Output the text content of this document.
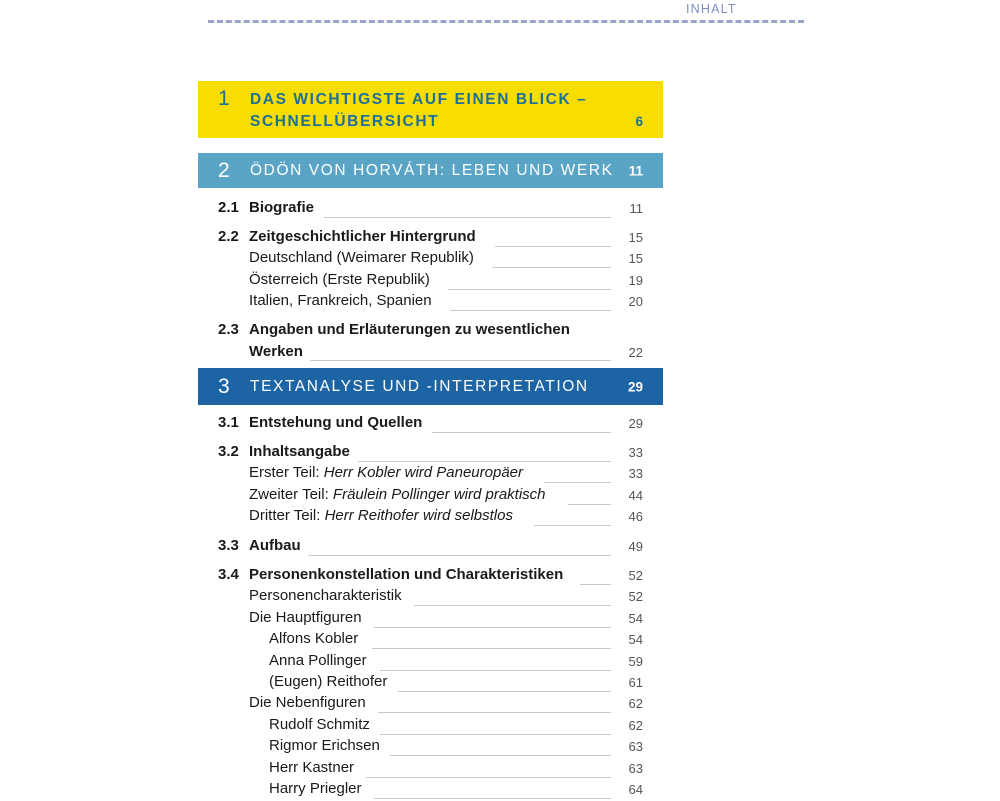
INHALT
1 DAS WICHTIGSTE AUF EINEN BLICK –
SCHNELLÜBERSICHT	6
2 ÖDÖN VON HORVÁTH: LEBEN UND WERK 11
2.1 Biografie	11
2.2 Zeitgeschichtlicher Hintergrund	15
Deutschland (Weimarer Republik)	15
Österreich (Erste Republik)	19
Italien, Frankreich, Spanien	20
2.3 Angaben und Erläuterungen zu wesentlichen
Werken	22
3 TEXTANALYSE UND -INTERPRETATION	29
3.1 Entstehung und Quellen	29
3.2 Inhaltsangabe	33
Erster Teil: Herr Kobler wird Paneuropäer	33
Zweiter Teil: Fräulein Pollinger wird praktisch	44
Dritter Teil: Herr Reithofer wird selbstlos	46
3.3 Aufbau	49
3.4 Personenkonstellation und Charakteristiken	52
Personencharakteristik	52
Die Hauptfiguren	54
Alfons Kobler	54
Anna Pollinger	59
(Eugen) Reithofer	61
Die Nebenfiguren	62
Rudolf Schmitz	62
Rigmor Erichsen	63
Herr Kastner	63
Harry Priegler	64
